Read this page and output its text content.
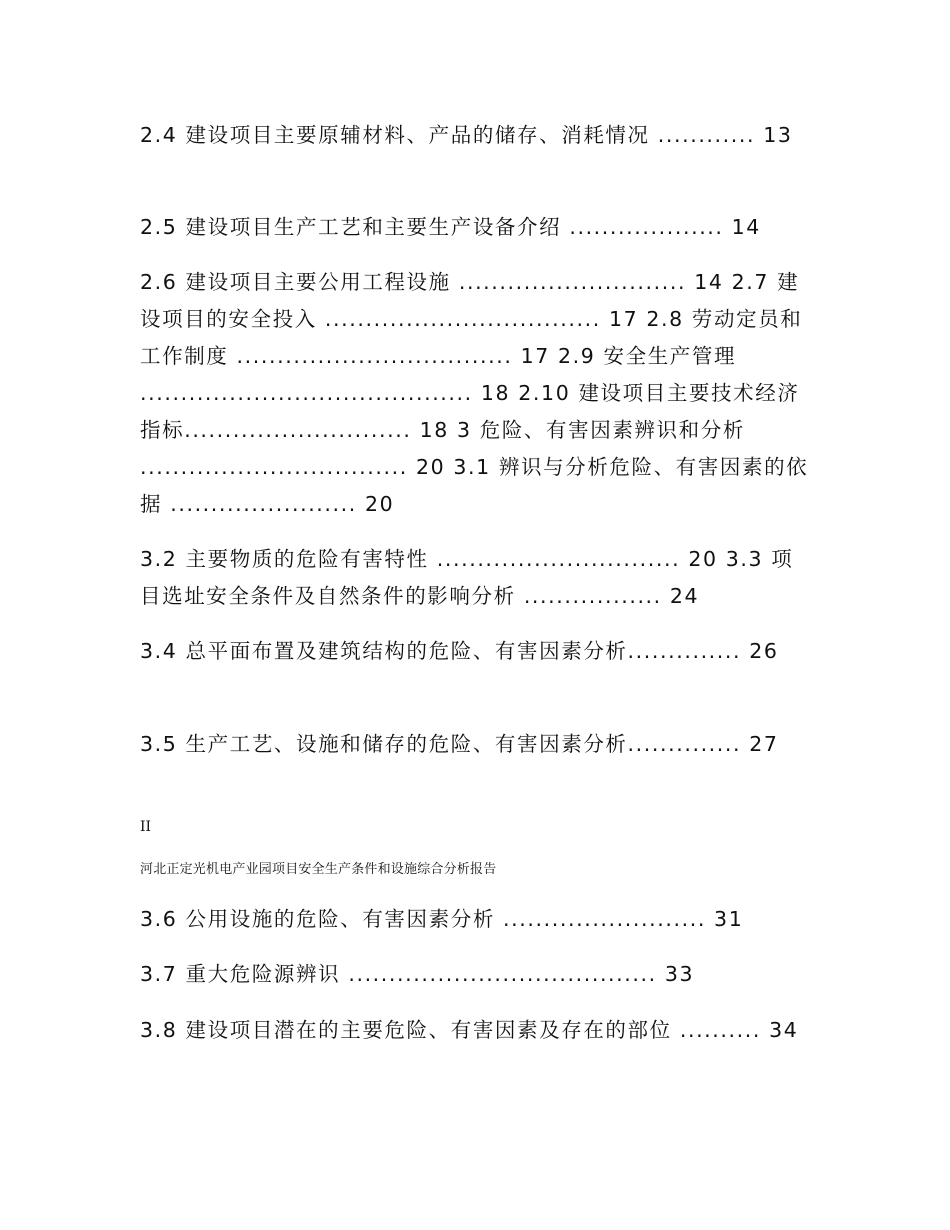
2.4 建设项目主要原辅材料、产品的储存、消耗情况 ............ 13

2.5 建设项目生产工艺和主要生产设备介绍 ................... 14

2.6 建设项目主要公用工程设施 ............................ 14 2.7 建设项目的安全投入 .................................. 17 2.8 劳动定员和工作制度 .................................. 17 2.9 安全生产管理 ......................................... 18 2.10 建设项目主要技术经济指标............................ 18 3 危险、有害因素辨识和分析 ................................. 20 3.1 辨识与分析危险、有害因素的依据 ....................... 20

3.2 主要物质的危险有害特性 .............................. 20 3.3 项目选址安全条件及自然条件的影响分析 ................. 24

3.4 总平面布置及建筑结构的危险、有害因素分析.............. 26

3.5 生产工艺、设施和储存的危险、有害因素分析.............. 27

II

河北正定光机电产业园项目安全生产条件和设施综合分析报告

3.6 公用设施的危险、有害因素分析 ......................... 31

3.7 重大危险源辨识 ...................................... 33

3.8 建设项目潜在的主要危险、有害因素及存在的部位 .......... 34
